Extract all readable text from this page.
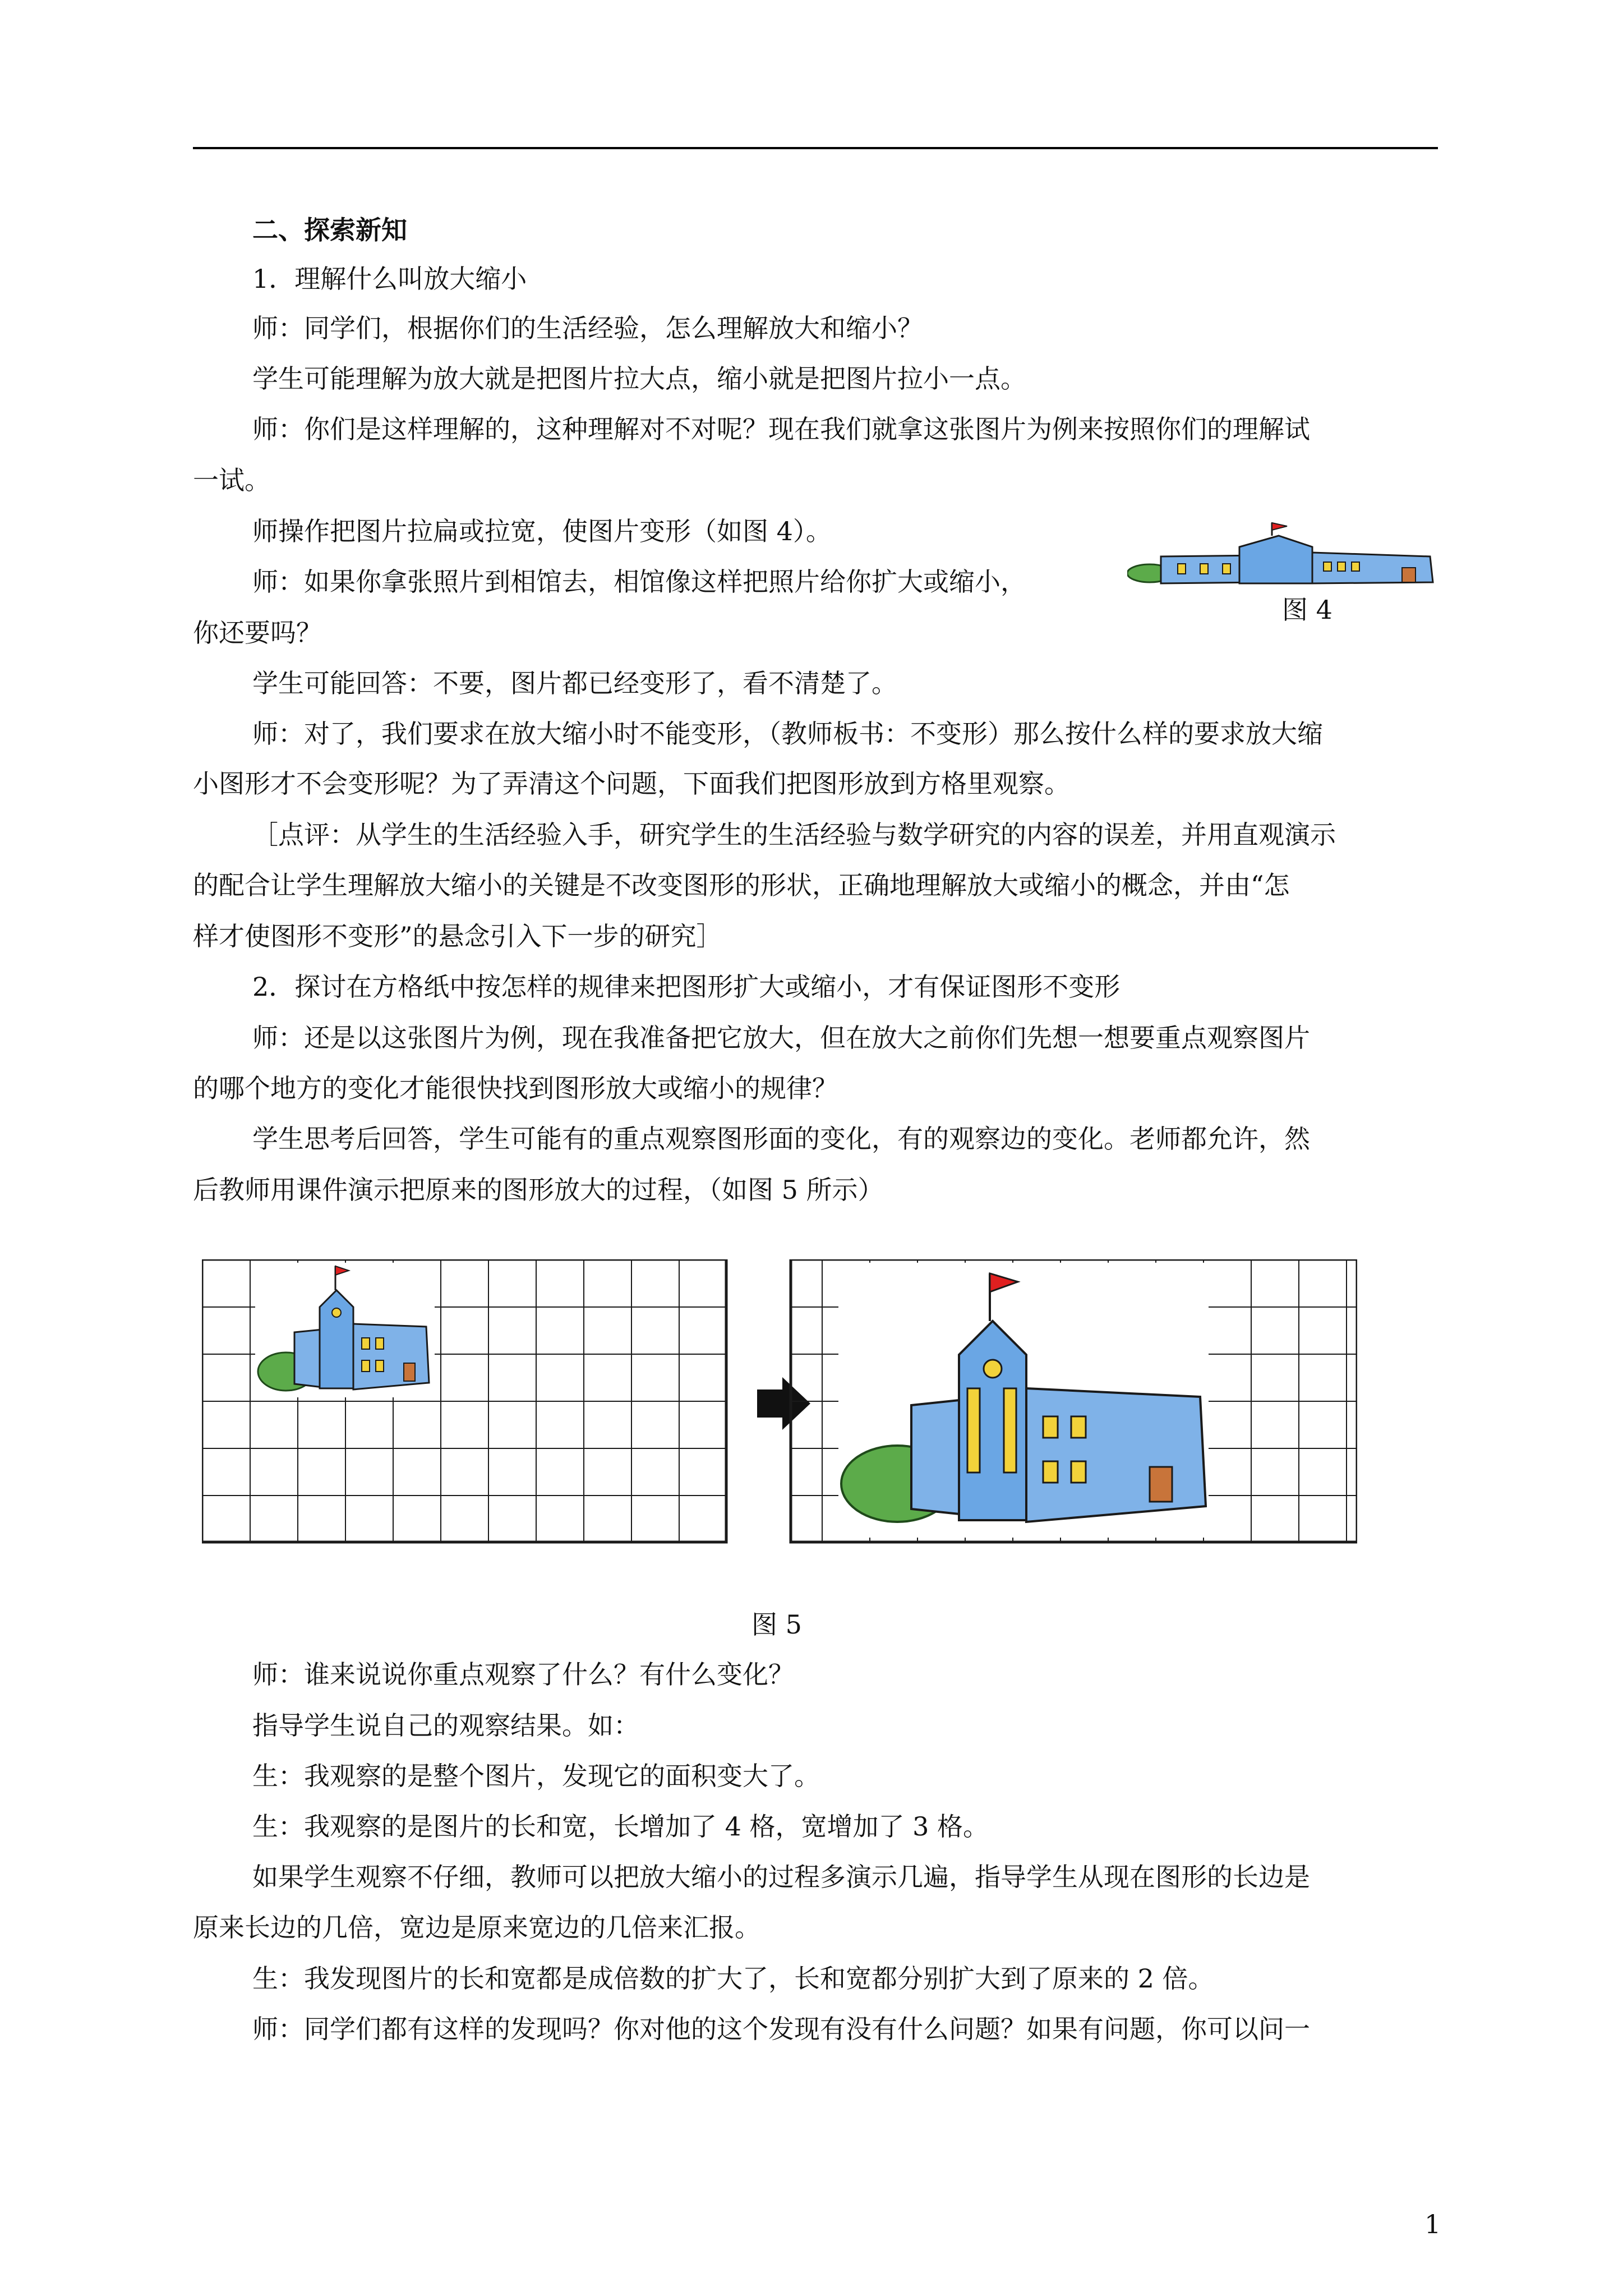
二、探索新知
1．理解什么叫放大缩小
师：同学们，根据你们的生活经验，怎么理解放大和缩小？
学生可能理解为放大就是把图片拉大点，缩小就是把图片拉小一点。
师：你们是这样理解的，这种理解对不对呢？现在我们就拿这张图片为例来按照你们的理解试
一试。
师操作把图片拉扁或拉宽，使图片变形（如图 4）。
师：如果你拿张照片到相馆去，相馆像这样把照片给你扩大或缩小，
你还要吗？
图 4
学生可能回答：不要，图片都已经变形了，看不清楚了。
师：对了，我们要求在放大缩小时不能变形，（教师板书：不变形）那么按什么样的要求放大缩
小图形才不会变形呢？为了弄清这个问题，下面我们把图形放到方格里观察。
［点评：从学生的生活经验入手，研究学生的生活经验与数学研究的内容的误差，并用直观演示
的配合让学生理解放大缩小的关键是不改变图形的形状，正确地理解放大或缩小的概念，并由“怎
样才使图形不变形”的悬念引入下一步的研究］
2．探讨在方格纸中按怎样的规律来把图形扩大或缩小，才有保证图形不变形
师：还是以这张图片为例，现在我准备把它放大，但在放大之前你们先想一想要重点观察图片
的哪个地方的变化才能很快找到图形放大或缩小的规律？
学生思考后回答，学生可能有的重点观察图形面的变化，有的观察边的变化。老师都允许，然
后教师用课件演示把原来的图形放大的过程，（如图 5 所示）
图 5
师：谁来说说你重点观察了什么？有什么变化？
指导学生说自己的观察结果。如：
生：我观察的是整个图片，发现它的面积变大了。
生：我观察的是图片的长和宽，长增加了 4 格，宽增加了 3 格。
如果学生观察不仔细，教师可以把放大缩小的过程多演示几遍，指导学生从现在图形的长边是
原来长边的几倍，宽边是原来宽边的几倍来汇报。
生：我发现图片的长和宽都是成倍数的扩大了，长和宽都分别扩大到了原来的 2 倍。
师：同学们都有这样的发现吗？你对他的这个发现有没有什么问题？如果有问题，你可以问一
1
